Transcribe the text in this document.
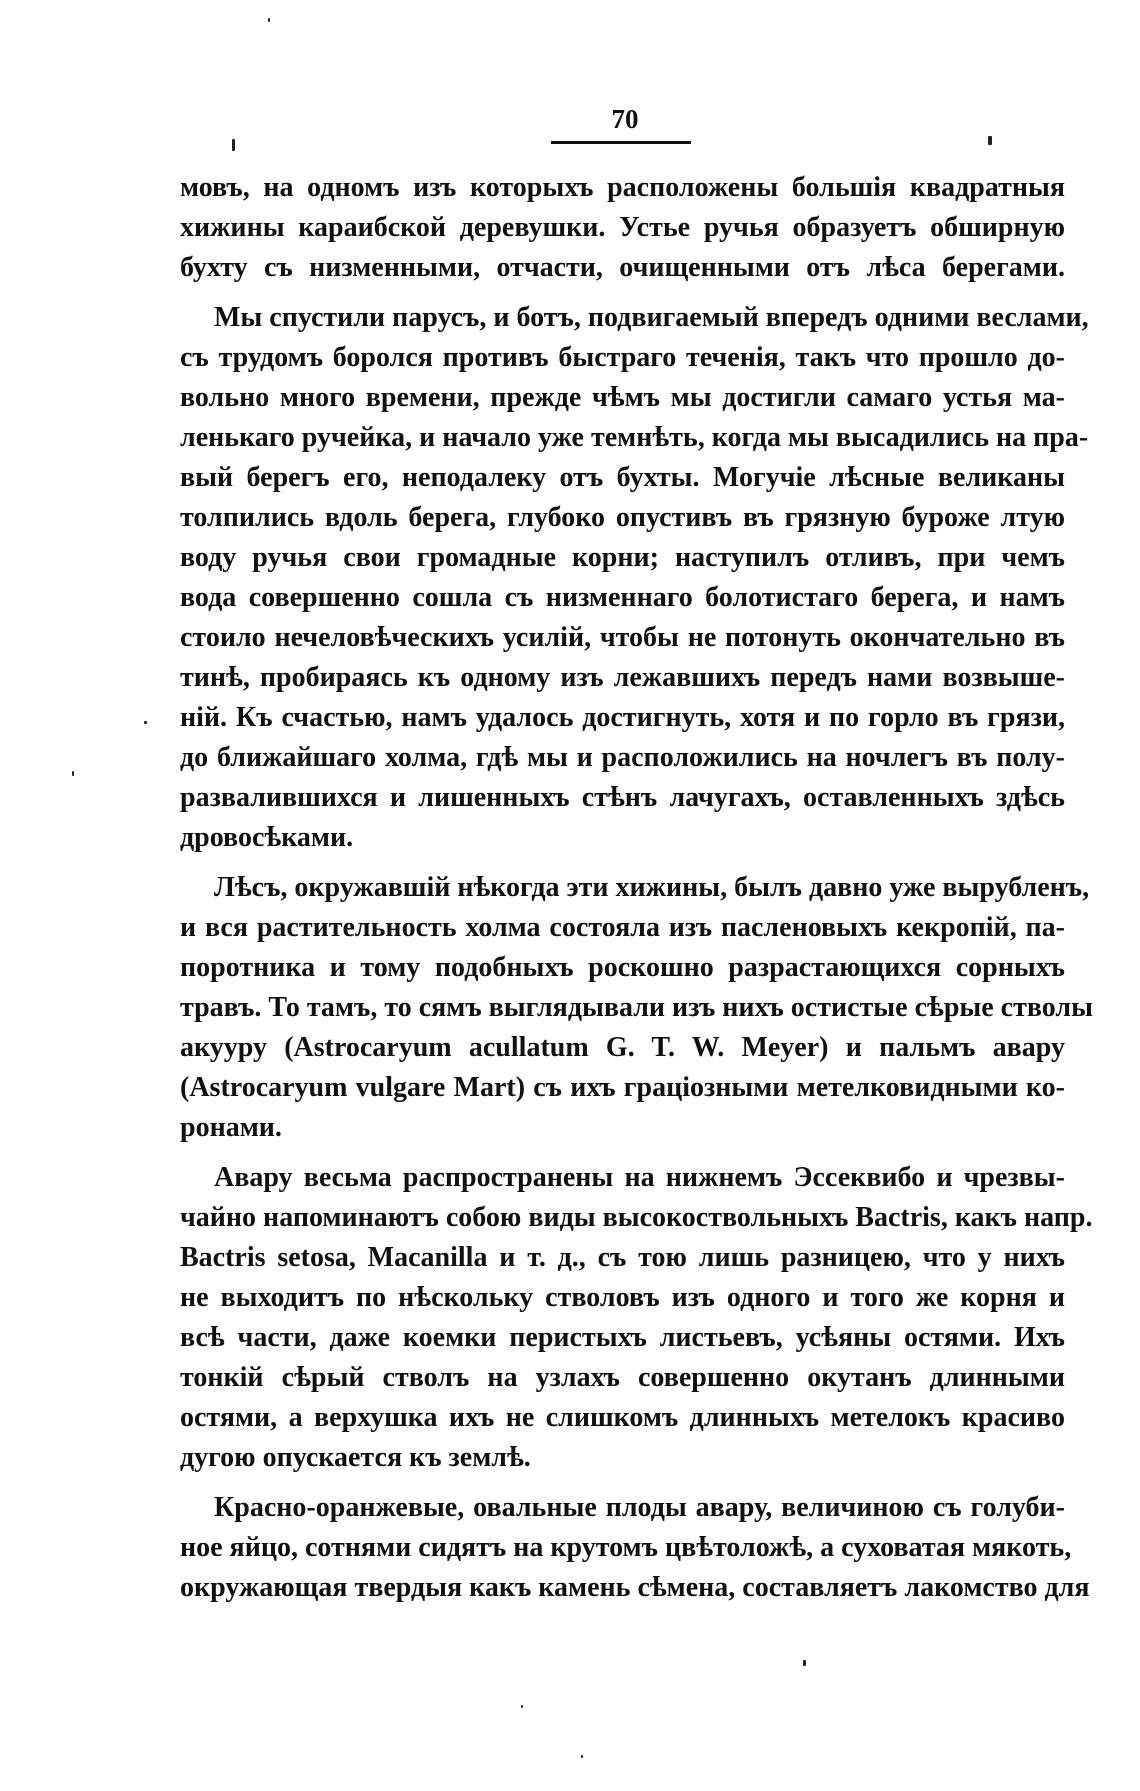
70
мовъ, на одномъ изъ которыхъ расположены большія квадратныя
хижины караибской деревушки. Устье ручья образуетъ обширную
бухту съ низменными, отчасти, очищенными отъ лѣса берегами.
Мы спустили парусъ, и ботъ, подвигаемый впередъ одними веслами,
съ трудомъ боролся противъ быстраго теченія, такъ что прошло до-
вольно много времени, прежде чѣмъ мы достигли самаго устья ма-
ленькаго ручейка, и начало уже темнѣть, когда мы высадились на пра-
вый берегъ его, неподалеку отъ бухты. Могучіе лѣсные великаны
толпились вдоль берега, глубоко опустивъ въ грязную буроже лтую
воду ручья свои громадные корни; наступилъ отливъ, при чемъ
вода совершенно сошла съ низменнаго болотистаго берега, и намъ
стоило нечеловѣческихъ усилій, чтобы не потонуть окончательно въ
тинѣ, пробираясь къ одному изъ лежавшихъ передъ нами возвыше-
ній. Къ счастью, намъ удалось достигнуть, хотя и по горло въ грязи,
до ближайшаго холма, гдѣ мы и расположились на ночлегъ въ полу-
развалившихся и лишенныхъ стѣнъ лачугахъ, оставленныхъ здѣсь
дровосѣками.
Лѣсъ, окружавшій нѣкогда эти хижины, былъ давно уже вырубленъ,
и вся растительность холма состояла изъ пасленовыхъ кекропій, па-
поротника и тому подобныхъ роскошно разрастающихся сорныхъ
травъ. То тамъ, то сямъ выглядывали изъ нихъ остистые сѣрые стволы
акуyру (Astrocaryum acullatum G. T. W. Meyer) и пальмъ авару
(Astrocaryum vulgare Mart) съ ихъ граціозными метелковидными ко-
ронами.
Авару весьма распространены на нижнемъ Эссеквибо и чрезвы-
чайно напоминаютъ собою виды высокоствольныхъ Bactris, какъ напр.
Bactris setosa, Macanilla и т. д., съ тою лишь разницею, что у нихъ
не выходитъ по нѣскольку стволовъ изъ одного и того же корня и
всѣ части, даже коемки перистыхъ листьевъ, усѣяны остями. Ихъ
тонкій сѣрый стволъ на узлахъ совершенно окутанъ длинными
остями, а верхушка ихъ не слишкомъ длинныхъ метелокъ красиво
дугою опускается къ землѣ.
Красно-оранжевые, овальные плоды авару, величиною съ голуби-
ное яйцо, сотнями сидятъ на крутомъ цвѣтоложѣ, а суховатая мякоть,
окружающая твердыя какъ камень сѣмена, составляетъ лакомство для
